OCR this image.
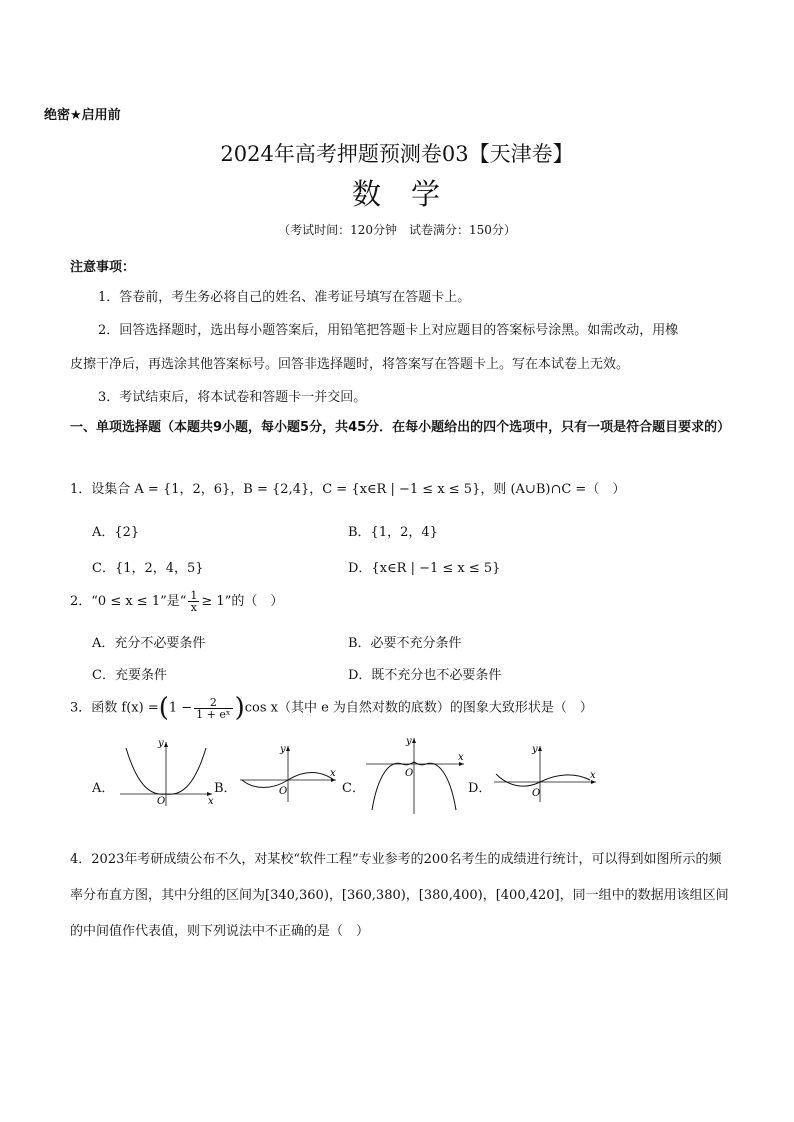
绝密★启用前
2024年高考押题预测卷03【天津卷】
数 学
（考试时间：120分钟　试卷满分：150分）
注意事项：
1．答卷前，考生务必将自己的姓名、准考证号填写在答题卡上。
2．回答选择题时，选出每小题答案后，用铅笔把答题卡上对应题目的答案标号涂黑。如需改动，用橡
皮擦干净后，再选涂其他答案标号。回答非选择题时，将答案写在答题卡上。写在本试卷上无效。
3．考试结束后，将本试卷和答题卡一并交回。
一、单项选择题（本题共9小题，每小题5分，共45分．在每小题给出的四个选项中，只有一项是符合题目要求的）
1．设集合 A = {1，2，6}，B = {2,4}，C = {x∈R | −1 ≤ x ≤ 5}，则 (A∪B)∩C =（　）
A．{2}	B．{1，2，4}
C．{1，2，4，5}	D．{x∈R | −1 ≤ x ≤ 5}
2．“0 ≤ x ≤ 1”是“ $\frac{1}{x} \ge 1$”的（　）
A．充分不必要条件	B．必要不充分条件
C．充要条件	D．既不充分也不必要条件
3．函数 $f(x) =(1 - \frac{2}{\text{1 + eˣ}} )\cos$ x（其中 e 为自然对数的底数）的图象大致形状是（　）
A．	B．	C．	D．
y
x
O
y
x
O
y
x
O
y
x
O
4．2023年考研成绩公布不久，对某校“软件工程”专业参考的200名考生的成绩进行统计，可以得到如图所示的频率分布直方图，其中分组的区间为[340,360)，[360,380)，[380,400)，[400,420]，同一组中的数据用该组区间的中间值作代表值，则下列说法中不正确的是（　）
